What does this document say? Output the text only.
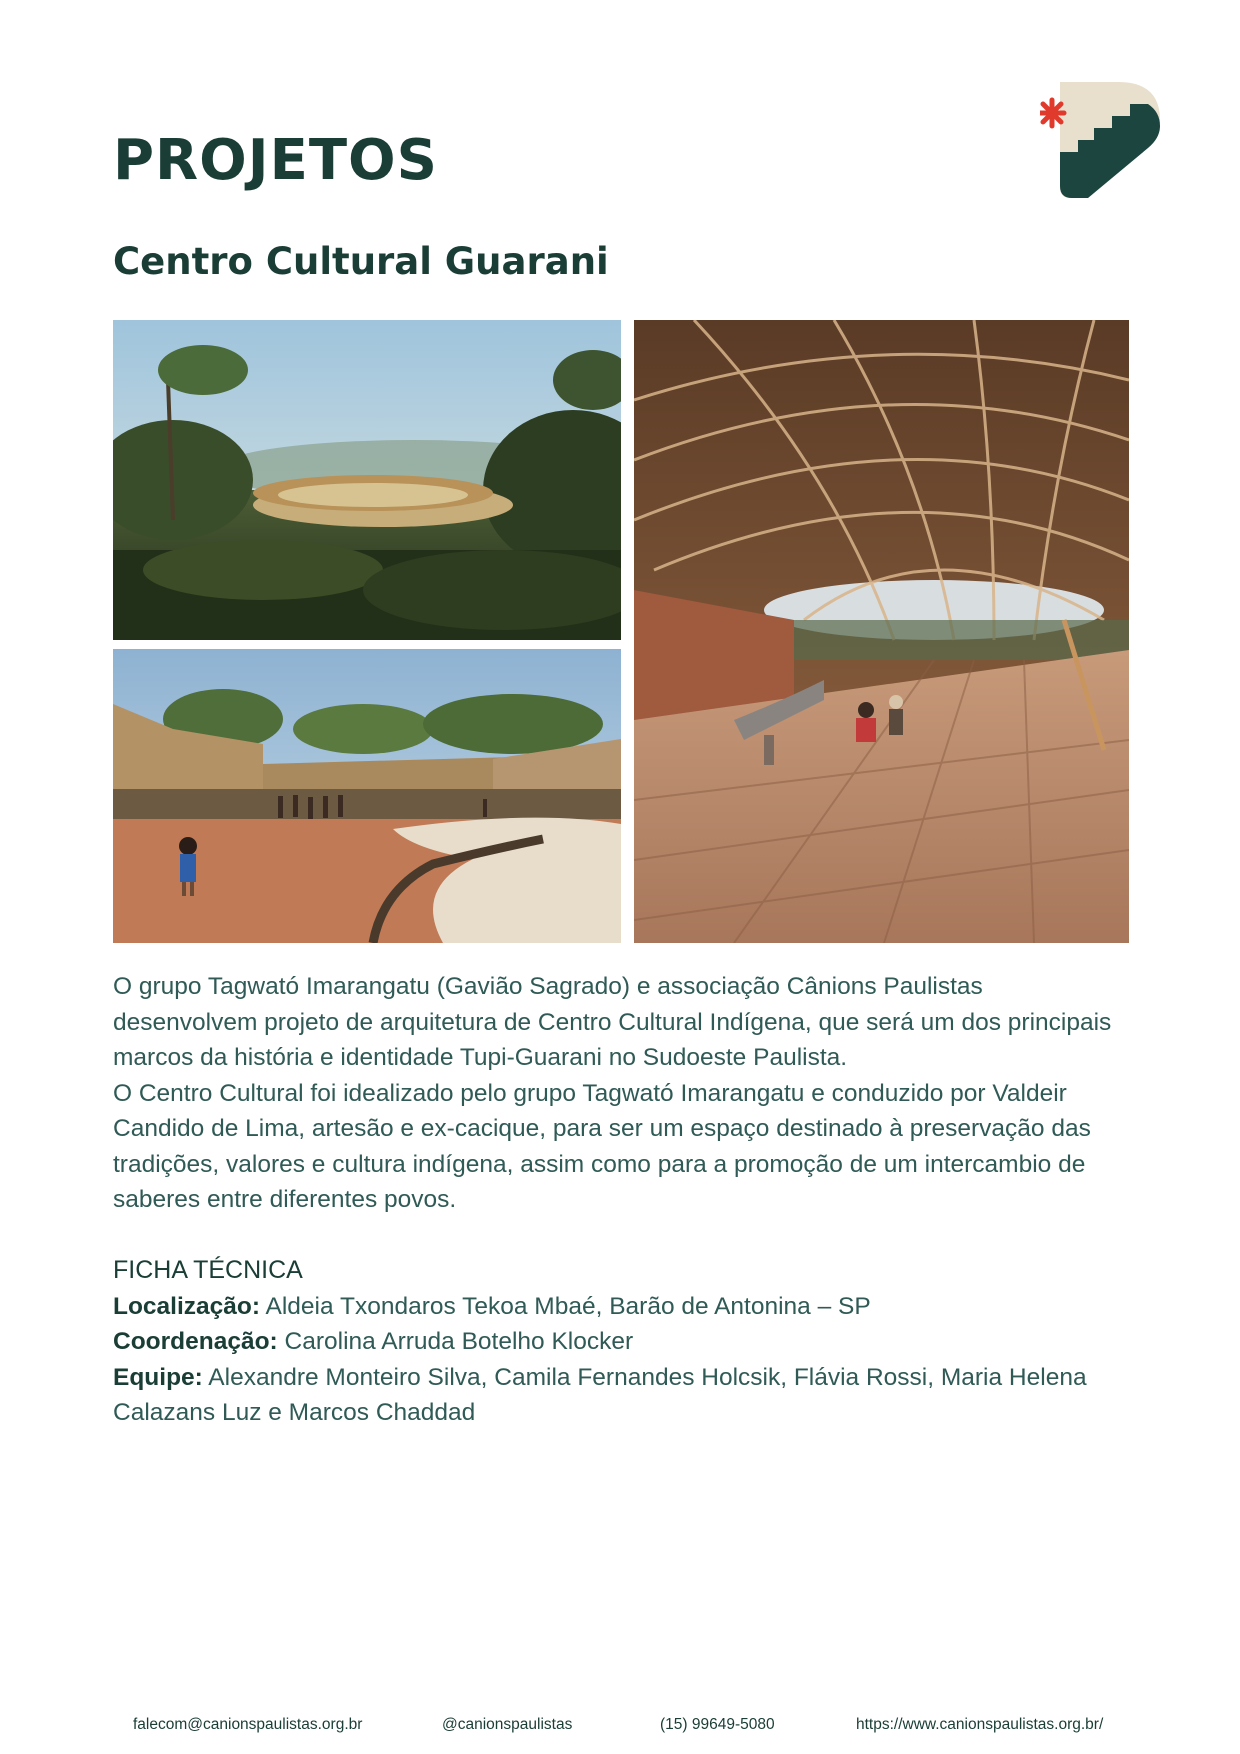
PROJETOS
Centro Cultural Guarani

O grupo Tagwató Imarangatu (Gavião Sagrado) e associação Cânions Paulistas desenvolvem projeto de arquitetura de Centro Cultural Indígena, que será um dos principais marcos da história e identidade Tupi-Guarani no Sudoeste Paulista.

O Centro Cultural foi idealizado pelo grupo Tagwató Imarangatu e conduzido por Valdeir Candido de Lima, artesão e ex-cacique, para ser um espaço destinado à preservação das tradições, valores e cultura indígena, assim como para a promoção de um intercambio de saberes entre diferentes povos.

FICHA TÉCNICA

Localização: Aldeia Txondaros Tekoa Mbaé, Barão de Antonina – SP

Coordenação: Carolina Arruda Botelho Klocker

Equipe: Alexandre Monteiro Silva, Camila Fernandes Holcsik, Flávia Rossi, Maria Helena Calazans Luz e Marcos Chaddad

falecom@canionspaulistas.org.br	@canionspaulistas	(15) 99649-5080	https://www.canionspaulistas.org.br/
